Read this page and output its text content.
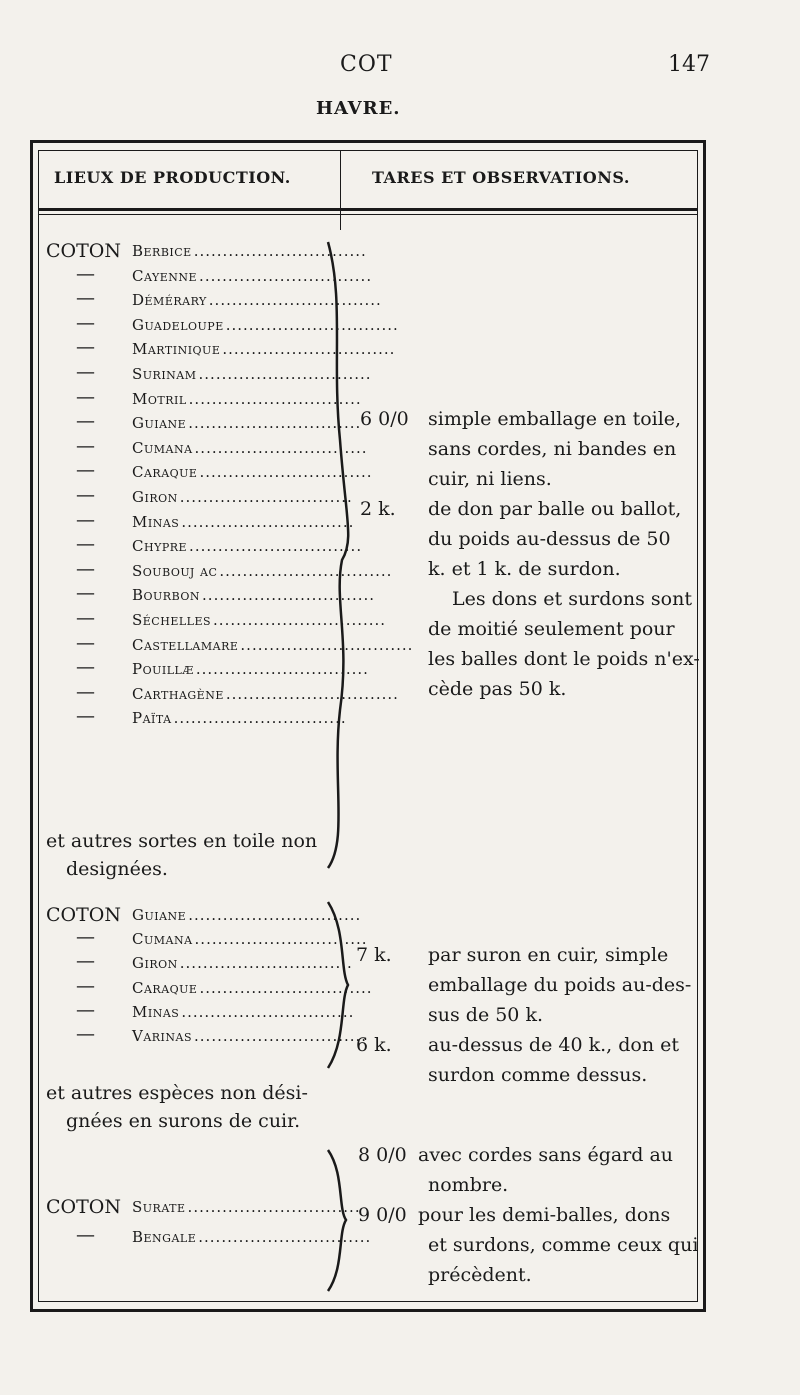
COT	147
HAVRE.
LIEUX DE PRODUCTION.	TARES ET OBSERVATIONS.
COTON Berbice ..............................
— Cayenne ..............................
— Démérary ..............................
— Guadeloupe ..............................
— Martinique ..............................
— Surinam ..............................
— Motril ..............................
— Guiane ..............................
— Cumana ..............................
— Caraque ..............................
— Giron ..............................
— Minas ..............................
— Chypre ..............................
— Soubouj ac ..............................
— Bourbon ..............................
— Séchelles ..............................
— Castellamare ..............................
— Pouillæ ..............................
— Carthagène ..............................
— Païta ..............................
et autres sortes en toile non
designées.
6 0/0 simple emballage en toile,
sans cordes, ni bandes en
cuir, ni liens.
2 k. de don par balle ou ballot,
du poids au-dessus de 50
k. et 1 k. de surdon.
Les dons et surdons sont
de moitié seulement pour
les balles dont le poids n'ex-
cède pas 50 k.
COTON Guiane ..............................
— Cumana ..............................
— Giron ..............................
— Caraque ..............................
— Minas ..............................
— Varinas ..............................
et autres espèces non dési-
gnées en surons de cuir.
7 k. par suron en cuir, simple
emballage du poids au-des-
sus de 50 k.
6 k. au-dessus de 40 k., don et
surdon comme dessus.
COTON Surate ..............................
— Bengale ..............................
8 0/0 avec cordes sans égard au
nombre.
9 0/0 pour les demi-balles, dons
et surdons, comme ceux qui
précèdent.
